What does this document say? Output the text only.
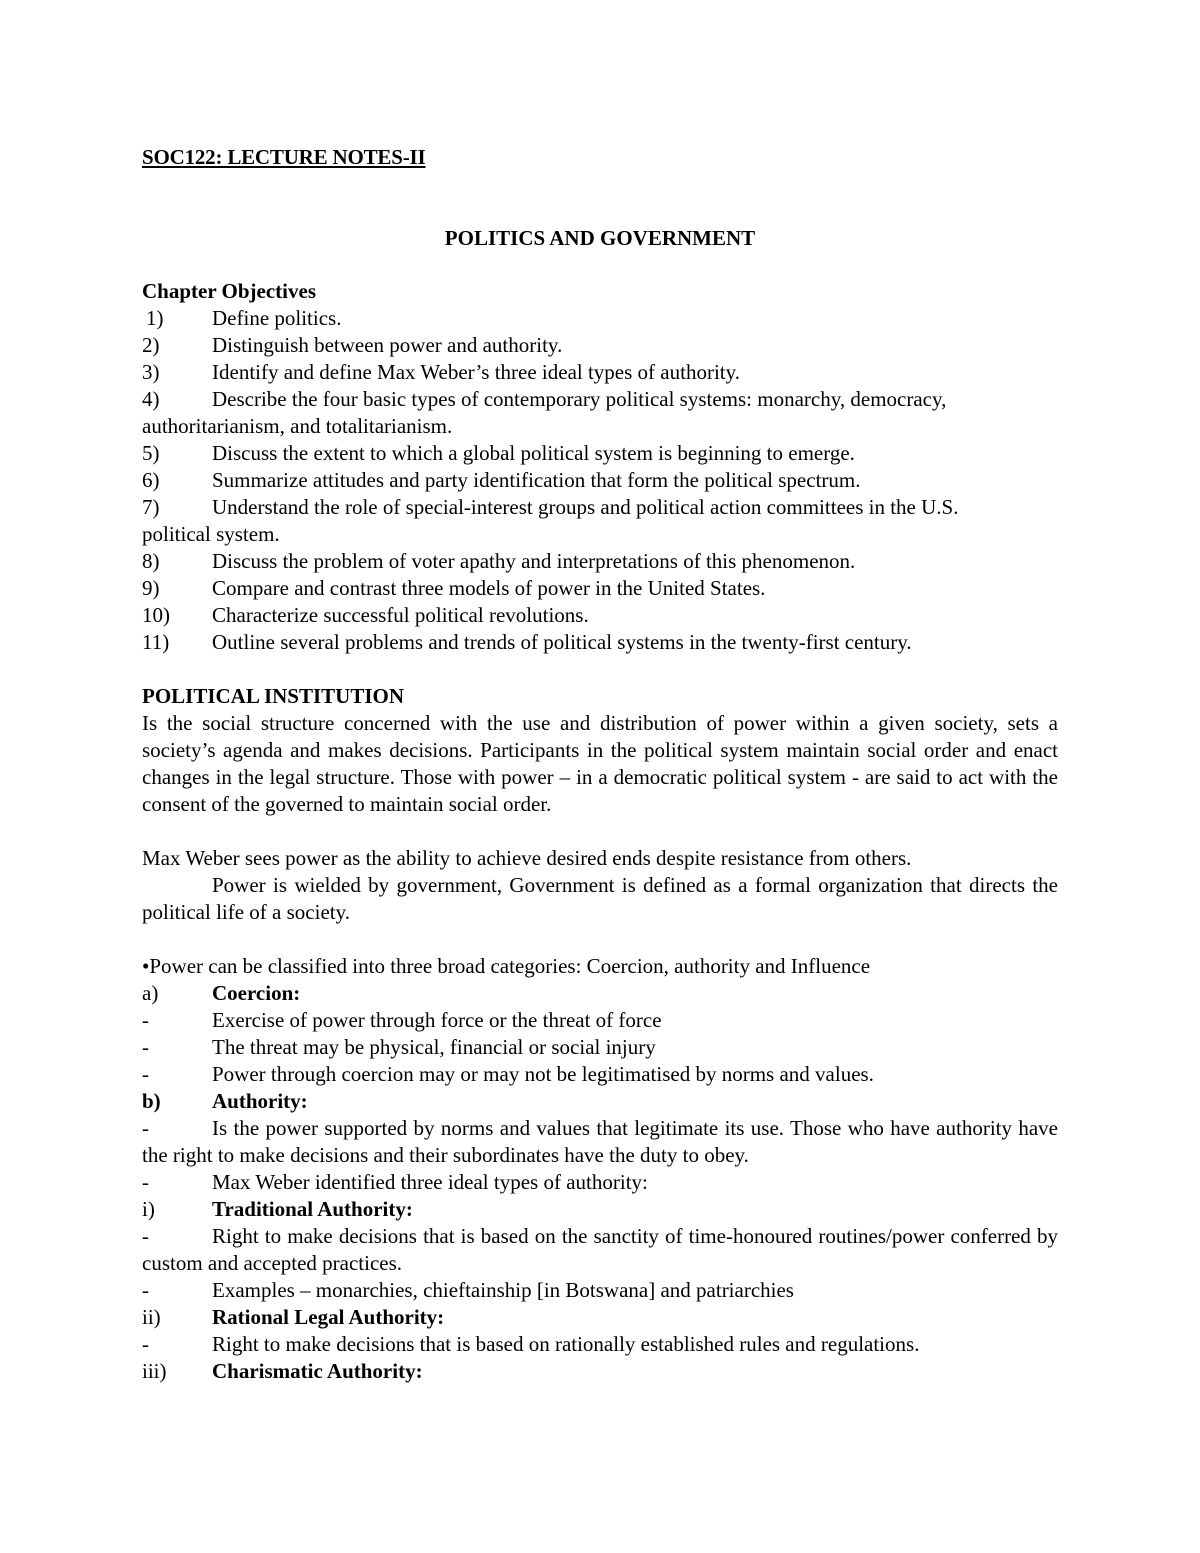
SOC122: LECTURE NOTES-II
POLITICS AND GOVERNMENT

Chapter Objectives

1)	Define politics.
2)	Distinguish between power and authority.
3)	Identify and define Max Weber’s three ideal types of authority.
4)	Describe the four basic types of contemporary political systems: monarchy, democracy,

authoritarianism, and totalitarianism.

5)	Discuss the extent to which a global political system is beginning to emerge.
6)	Summarize attitudes and party identification that form the political spectrum.
7)	Understand the role of special-interest groups and political action committees in the U.S.

political system.

8)	Discuss the problem of voter apathy and interpretations of this phenomenon.
9)	Compare and contrast three models of power in the United States.
10)	Characterize successful political revolutions.
11)	Outline several problems and trends of political systems in the twenty-first century.

POLITICAL INSTITUTION

Is the social structure concerned with the use and distribution of power within a given society, sets a society’s agenda and makes decisions. Participants in the political system maintain social order and enact changes in the legal structure. Those with power – in a democratic political system - are said to act with the consent of the governed to maintain social order.

Max Weber sees power as the ability to achieve desired ends despite resistance from others.

Power is wielded by government, Government is defined as a formal organization that directs the political life of a society.

•Power can be classified into three broad categories: Coercion, authority and Influence

a)	Coercion:
-	Exercise of power through force or the threat of force
-	The threat may be physical, financial or social injury
-	Power through coercion may or may not be legitimatised by norms and values.
b)	Authority:

-	Is the power supported by norms and values that legitimate its use. Those who have authority have the right to make decisions and their subordinates have the duty to obey.

-	Max Weber identified three ideal types of authority:
i)	Traditional Authority:

-	Right to make decisions that is based on the sanctity of time-honoured routines/power conferred by custom and accepted practices.

-	Examples – monarchies, chieftainship [in Botswana] and patriarchies
ii)	Rational Legal Authority:
-	Right to make decisions that is based on rationally established rules and regulations.
iii)	Charismatic Authority:
